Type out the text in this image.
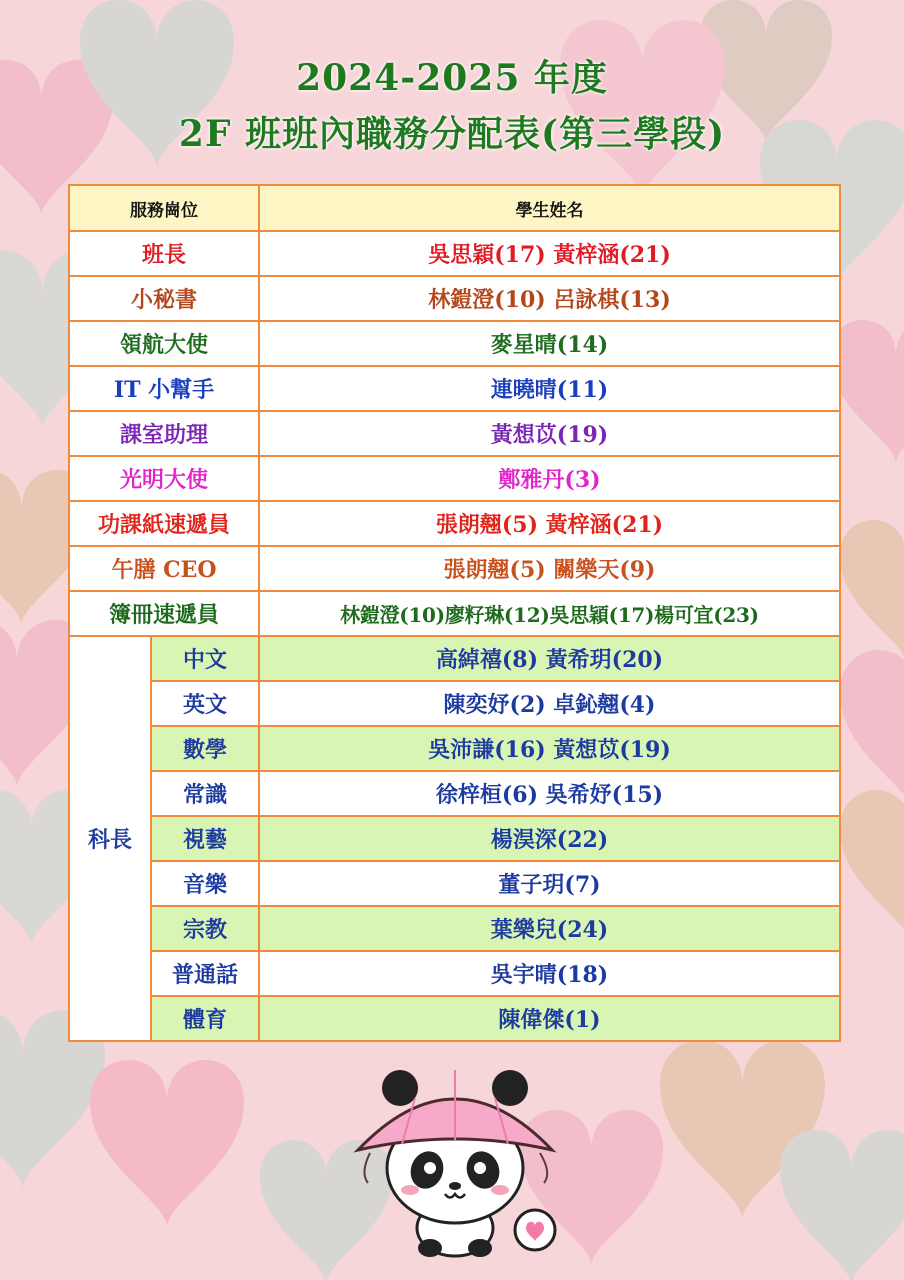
2024-2025 年度
2F 班班內職務分配表(第三學段)
服務崗位		學生姓名
班長		吳思穎(17) 黃梓涵(21)
小秘書		林鎧澄(10) 呂詠棋(13)
領航大使		麥星晴(14)
IT 小幫手		連曉晴(11)
課室助理		黃想苡(19)
光明大使		鄭雅丹(3)
功課紙速遞員		張朗翹(5) 黃梓涵(21)
午膳 CEO		張朗翹(5) 關樂天(9)
簿冊速遞員		林鎧澄(10)廖籽琳(12)吳思穎(17)楊可宜(23)
科長	中文	高綽禧(8) 黃希玥(20)
	英文	陳奕妤(2) 卓鈊翹(4)
	數學	吳沛謙(16) 黃想苡(19)
	常識	徐梓桓(6) 吳希妤(15)
	視藝	楊淏深(22)
	音樂	董子玥(7)
	宗教	葉樂兒(24)
	普通話	吳宇晴(18)
	體育	陳偉傑(1)
